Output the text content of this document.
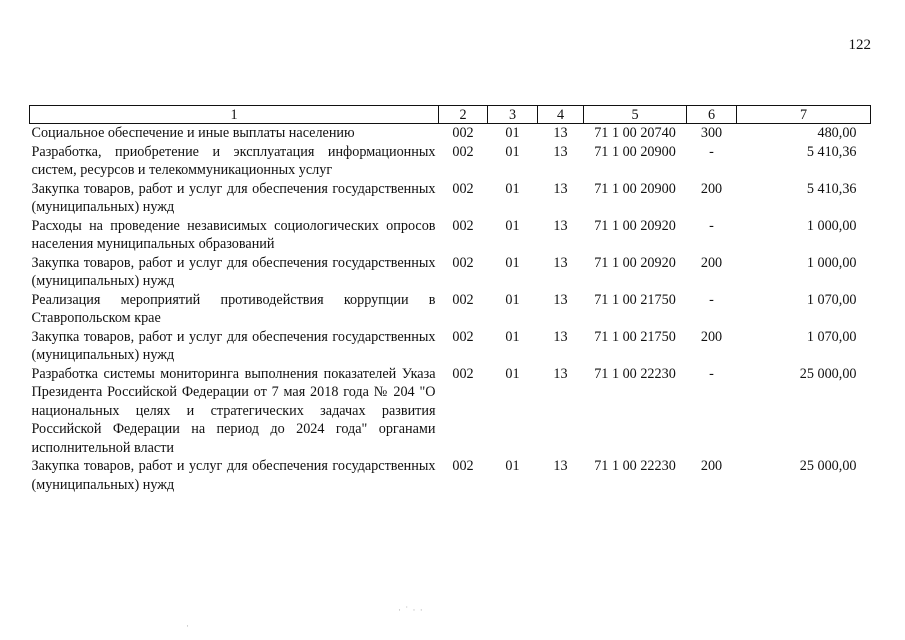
122
1	2	3	4	5	6	7
Социальное обеспечение и иные выплаты населению	002	01	13	71 1 00 20740	300	480,00
Разработка, приобретение и эксплуатация информационных систем, ресурсов и телекоммуникационных услуг	002	01	13	71 1 00 20900	-	5 410,36
Закупка товаров, работ и услуг для обеспечения государственных (муниципальных) нужд	002	01	13	71 1 00 20900	200	5 410,36
Расходы на проведение независимых социологических опросов населения муниципальных образований	002	01	13	71 1 00 20920	-	1 000,00
Закупка товаров, работ и услуг для обеспечения государственных (муниципальных) нужд	002	01	13	71 1 00 20920	200	1 000,00
Реализация мероприятий противодействия коррупции в Ставропольском крае	002	01	13	71 1 00 21750	-	1 070,00
Закупка товаров, работ и услуг для обеспечения государственных (муниципальных) нужд	002	01	13	71 1 00 21750	200	1 070,00
Разработка системы мониторинга выполнения показателей Указа Президента Российской Федерации от 7 мая 2018 года № 204 "О национальных целях и стратегических задачах развития Российской Федерации на период до 2024 года" органами исполнительной власти	002	01	13	71 1 00 22230	-	25 000,00
Закупка товаров, работ и услуг для обеспечения государственных (муниципальных) нужд	002	01	13	71 1 00 22230	200	25 000,00
· ˙ · ·
·
